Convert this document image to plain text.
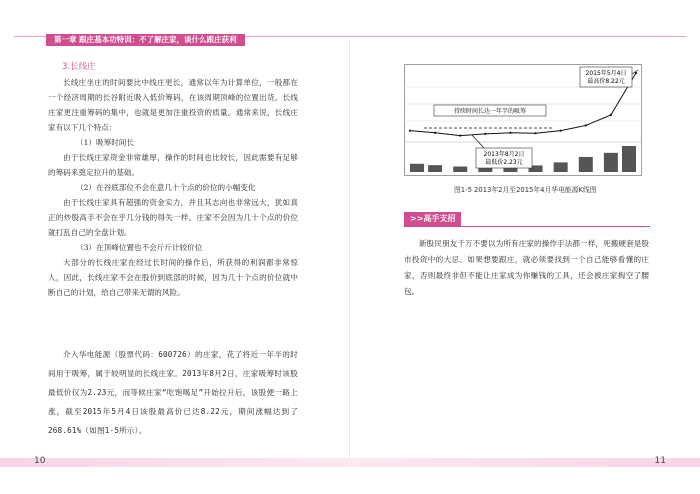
第一章 跟庄基本功特训：不了解庄家，谈什么跟庄获利
3.长线庄

长线庄坐庄的时间要比中线庄更长，通常以年为计算单位，一般都在一个经济周期的长谷附近吸入低价筹码，在该周期顶峰的位置出货。长线庄家更注重筹码的集中，也就是更加注重投资的质量。通常来说，长线庄家有以下几个特点：

（1）吸筹时间长

由于长线庄家资金非常雄厚，操作的时间也比较长，因此需要有足够的筹码来奠定拉升的基础。

（2）在谷底部位不会在意几十个点的价位的小幅变化

由于长线庄家具有超强的资金实力，并且其志向也非常远大，犹如真正的炒股高手不会在乎几分钱的得失一样，庄家不会因为几十个点的价位就打乱自己的全盘计划。

（3）在顶峰位置也不会斤斤计较价位

大部分的长线庄家在经过长时间的操作后，所获得的利润都非常惊人，因此，长线庄家不会在股价到底部的时候，因为几十个点的价位就中断自己的计划，给自己带来无谓的风险。

介入华电能源（股票代码：600726）的庄家，花了将近一年半的时间用于吸筹，属于较明显的长线庄家。2013年8月2日，庄家吸筹时该股最低价仅为2.23元，而等候庄家“吃饱喝足”开始拉升后，该股便一路上涨，截至2015年5月4日该股最高价已达8.22元，期间涨幅达到了268.61%（如图1-5所示）。

持续时间长达一年半的吸筹
2015年5月4日
最高价8.22元
2013年8月2日
最低价2.23元
图1-5 2013年2月至2015年4月华电能源K线图
>>高手支招

新股民朋友千万不要以为所有庄家的操作手法都一样，死搬硬套是股市投资中的大忌。如果想要跟庄，就必须要找到一个自己能够看懂的庄家，否则最终非但不能让庄家成为你赚钱的工具，还会被庄家掏空了腰包。

10	11
